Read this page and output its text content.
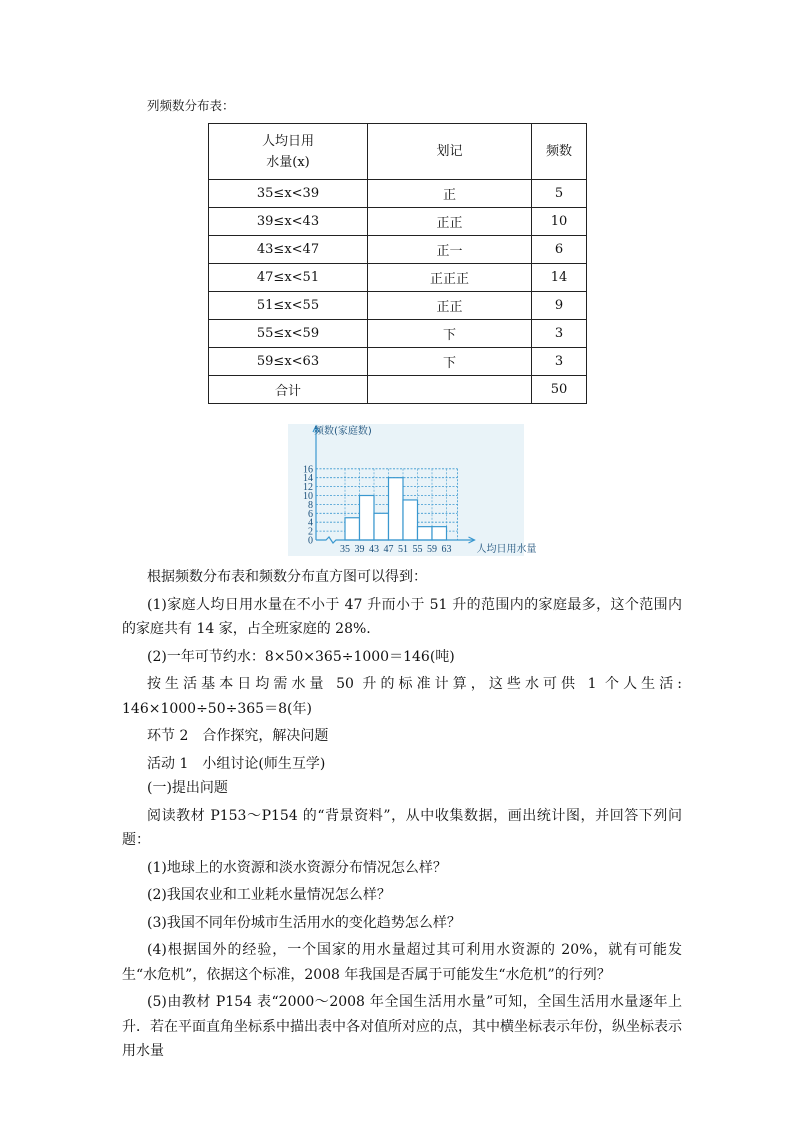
列频数分布表：
人均日用
水量(x)	划记	频数
35≤x<39	正	5
39≤x<43	正正	10
43≤x<47	正一	6
47≤x<51	正正正	14
51≤x<55	正正	9
55≤x<59	下	3
59≤x<63	下	3
合计		50
0
2
4
6
8
10
12
14
16
35 39 43 47 51 55 59 63
频数(家庭数)
人均日用水量

根据频数分布表和频数分布直方图可以得到：

(1)家庭人均日用水量在不小于 47 升而小于 51 升的范围内的家庭最多，这个范围内的家庭共有 14 家，占全班家庭的 28%.

(2)一年可节约水：8×50×365÷1000＝146(吨)

按生活基本日均需水量 50 升的标准计算，这些水可供 1 个人生活: 146×1000÷50÷365＝8(年)

环节 2　合作探究，解决问题

活动 1　小组讨论(师生互学)

(一)提出问题

阅读教材 P153～P154 的“背景资料”，从中收集数据，画出统计图，并回答下列问题：

(1)地球上的水资源和淡水资源分布情况怎么样？

(2)我国农业和工业耗水量情况怎么样？

(3)我国不同年份城市生活用水的变化趋势怎么样？

(4)根据国外的经验，一个国家的用水量超过其可利用水资源的 20%，就有可能发生“水危机”，依据这个标准，2008 年我国是否属于可能发生“水危机”的行列？

(5)由教材 P154 表“2000～2008 年全国生活用水量”可知，全国生活用水量逐年上升．若在平面直角坐标系中描出表中各对值所对应的点，其中横坐标表示年份，纵坐标表示用水量
